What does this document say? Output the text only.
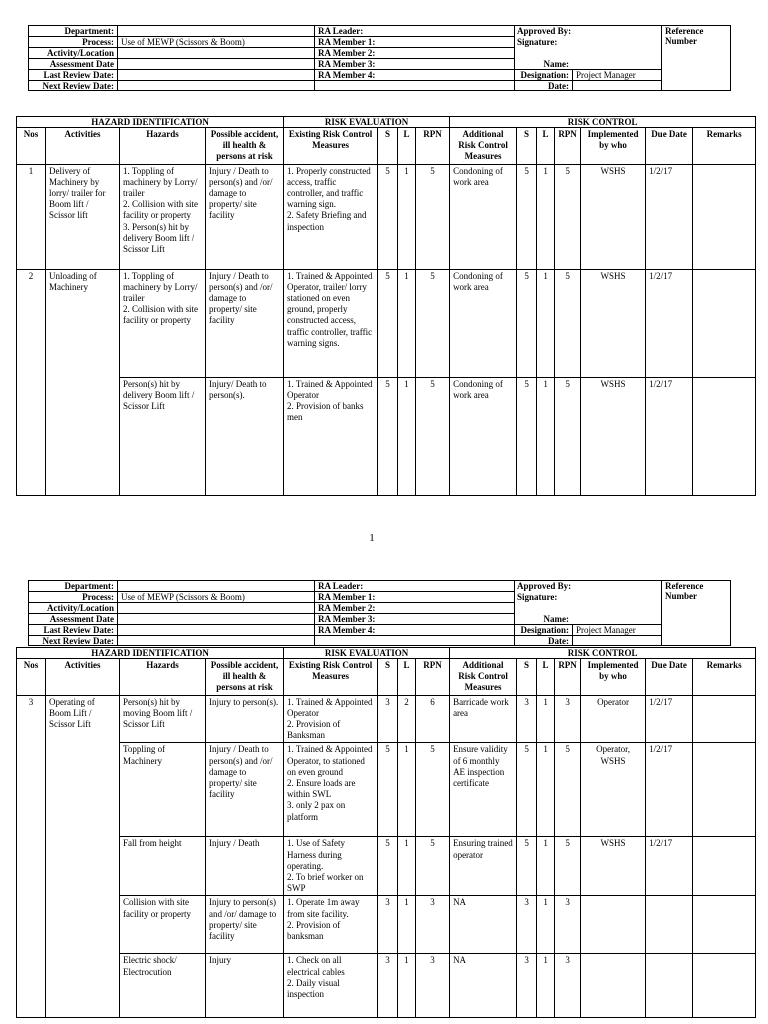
Department:
Process: Use of MEWP (Scissors & Boom)
Activity/Location
Assessment Date
Last Review Date:
Next Review Date:
RA Leader:
RA Member 1:
RA Member 2:
RA Member 3:
RA Member 4:
Approved By:
Signature:
Name:
Designation: Project Manager
Date:
Reference Number
HAZARD IDENTIFICATION				RISK EVALUATION				RISK CONTROL						
Nos	Activities	Hazards	Possible accident, ill health & persons at risk	Existing Risk Control Measures	S	L	RPN	Additional Risk Control Measures	S	L	RPN	Implemented by who	Due Date	Remarks
1	Delivery of Machinery by lorry/ trailer for Boom lift / Scissor lift	1. Toppling of machinery by Lorry/ trailer
2. Collision with site facility or property
3. Person(s) hit by delivery Boom lift / Scissor Lift	Injury / Death to person(s) and /or/ damage to property/ site facility	1. Properly constructed access, traffic controller, and traffic warning sign.
2. Safety Briefing and inspection	5	1	5	Condoning of work area	5	1	5	WSHS	1/2/17	
2	Unloading of Machinery	1. Toppling of machinery by Lorry/ trailer
2. Collision with site facility or property	Injury / Death to person(s) and /or/ damage to property/ site facility	1. Trained & Appointed Operator, trailer/ lorry stationed on even ground, properly constructed access, traffic controller, traffic warning signs.	5	1	5	Condoning of work area	5	1	5	WSHS	1/2/17	
		Person(s) hit by delivery Boom lift / Scissor Lift	Injury/ Death to person(s).	1. Trained & Appointed Operator
2. Provision of banks men	5	1	5	Condoning of work area	5	1	5	WSHS	1/2/17	
1
Department:
Process: Use of MEWP (Scissors & Boom)
Activity/Location
Assessment Date
Last Review Date:
Next Review Date:
RA Leader:
RA Member 1:
RA Member 2:
RA Member 3:
RA Member 4:
Approved By:
Signature:
Name:
Designation: Project Manager
Date:
Reference Number
HAZARD IDENTIFICATION				RISK EVALUATION				RISK CONTROL						
Nos	Activities	Hazards	Possible accident, ill health & persons at risk	Existing Risk Control Measures	S	L	RPN	Additional Risk Control Measures	S	L	RPN	Implemented by who	Due Date	Remarks
3	Operating of Boom Lift / Scissor Lift	Person(s) hit by moving Boom lift / Scissor Lift	Injury to person(s).	1. Trained & Appointed Operator
2. Provision of Banksman	3	2	6	Barricade work area	3	1	3	Operator	1/2/17	
		Toppling of Machinery	Injury / Death to person(s) and /or/ damage to property/ site facility	1. Trained & Appointed Operator, to stationed on even ground
2. Ensure loads are within SWL
3. only 2 pax on platform	5	1	5	Ensure validity of 6 monthly AE inspection certificate	5	1	5	Operator, WSHS	1/2/17	
		Fall from height	Injury / Death	1. Use of Safety Harness during operating.
2. To brief worker on SWP	5	1	5	Ensuring trained operator	5	1	5	WSHS	1/2/17	
		Collision with site facility or property	Injury to person(s) and /or/ damage to property/ site facility	1. Operate 1m away from site facility.
2. Provision of banksman	3	1	3	NA	3	1	3			
		Electric shock/ Electrocution	Injury	1. Check on all electrical cables
2. Daily visual inspection	3	1	3	NA	3	1	3			
